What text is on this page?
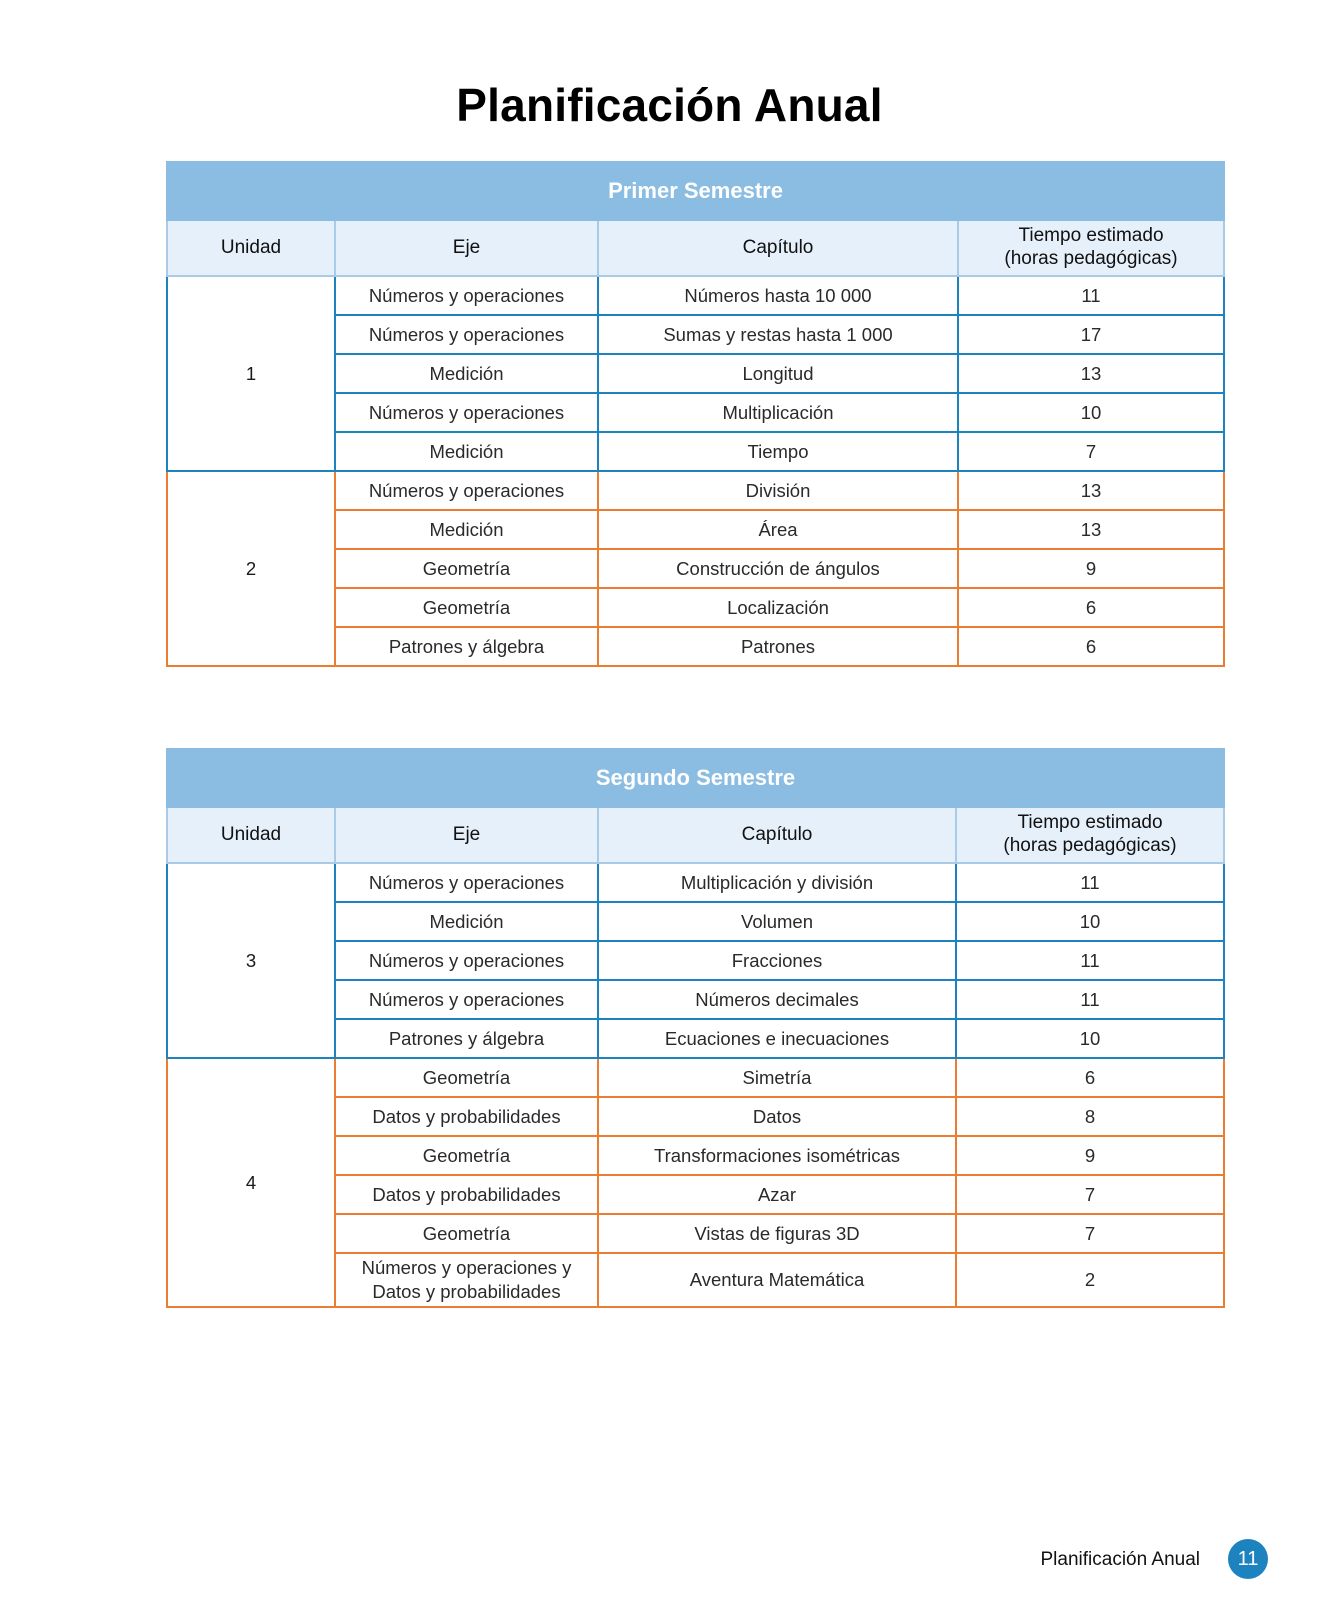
Planificación Anual
Primer Semestre			
Unidad	Eje	Capítulo	Tiempo estimado
(horas pedagógicas)
1	Números y operaciones	Números hasta 10 000	11
	Números y operaciones	Sumas y restas hasta 1 000	17
	Medición	Longitud	13
	Números y operaciones	Multiplicación	10
	Medición	Tiempo	7
2	Números y operaciones	División	13
	Medición	Área	13
	Geometría	Construcción de ángulos	9
	Geometría	Localización	6
	Patrones y álgebra	Patrones	6
Segundo Semestre			
Unidad	Eje	Capítulo	Tiempo estimado
(horas pedagógicas)
3	Números y operaciones	Multiplicación y división	11
	Medición	Volumen	10
	Números y operaciones	Fracciones	11
	Números y operaciones	Números decimales	11
	Patrones y álgebra	Ecuaciones e inecuaciones	10
4	Geometría	Simetría	6
	Datos y probabilidades	Datos	8
	Geometría	Transformaciones isométricas	9
	Datos y probabilidades	Azar	7
	Geometría	Vistas de figuras 3D	7
	Números y operaciones y
Datos y probabilidades	Aventura Matemática	2
Planificación Anual	11
